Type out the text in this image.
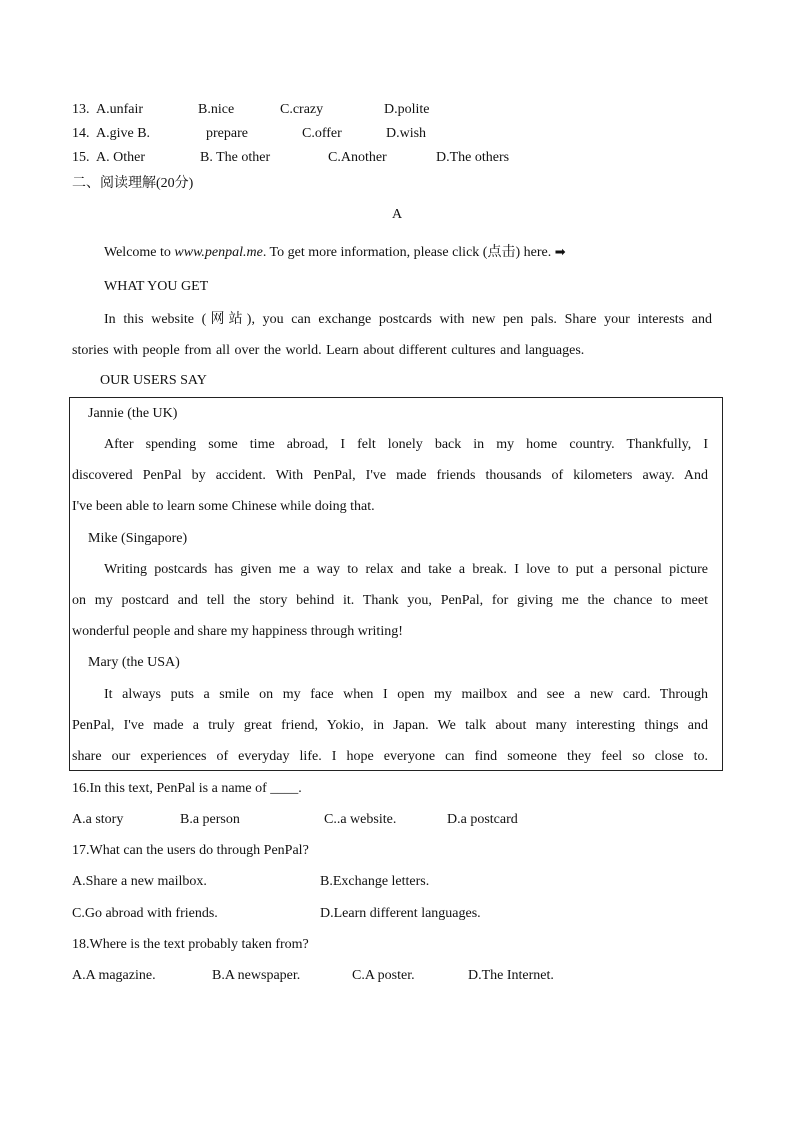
13. A.unfair	B.nice	C.crazy	D.polite
14. A.give B.	prepare	C.offer	D.wish
15. A. Other	B. The other	C.Another	D.The others
二、阅读理解(20分)
A
Welcome to www.penpal.me. To get more information, please click (点击) here. ➡
WHAT YOU GET
In this website (网站), you can exchange postcards with new pen pals. Share your interests and
stories with people from all over the world. Learn about different cultures and languages.
OUR USERS SAY
Jannie (the UK)
After spending some time abroad, I felt lonely back in my home country. Thankfully, I
discovered PenPal by accident. With PenPal, I've made friends thousands of kilometers away. And
I've been able to learn some Chinese while doing that.
Mike (Singapore)
Writing postcards has given me a way to relax and take a break. I love to put a personal picture
on my postcard and tell the story behind it. Thank you, PenPal, for giving me the chance to meet
wonderful people and share my happiness through writing!
Mary (the USA)
It always puts a smile on my face when I open my mailbox and see a new card. Through
PenPal, I've made a truly great friend, Yokio, in Japan. We talk about many interesting things and
share our experiences of everyday life. I hope everyone can find someone they feel so close to.
16.In this text, PenPal is a name of ____.
A.a story	B.a person	C..a website.	D.a postcard
17.What can the users do through PenPal?
A.Share a new mailbox.	B.Exchange letters.
C.Go abroad with friends.	D.Learn different languages.
18.Where is the text probably taken from?
A.A magazine.	B.A newspaper.	C.A poster.	D.The Internet.
